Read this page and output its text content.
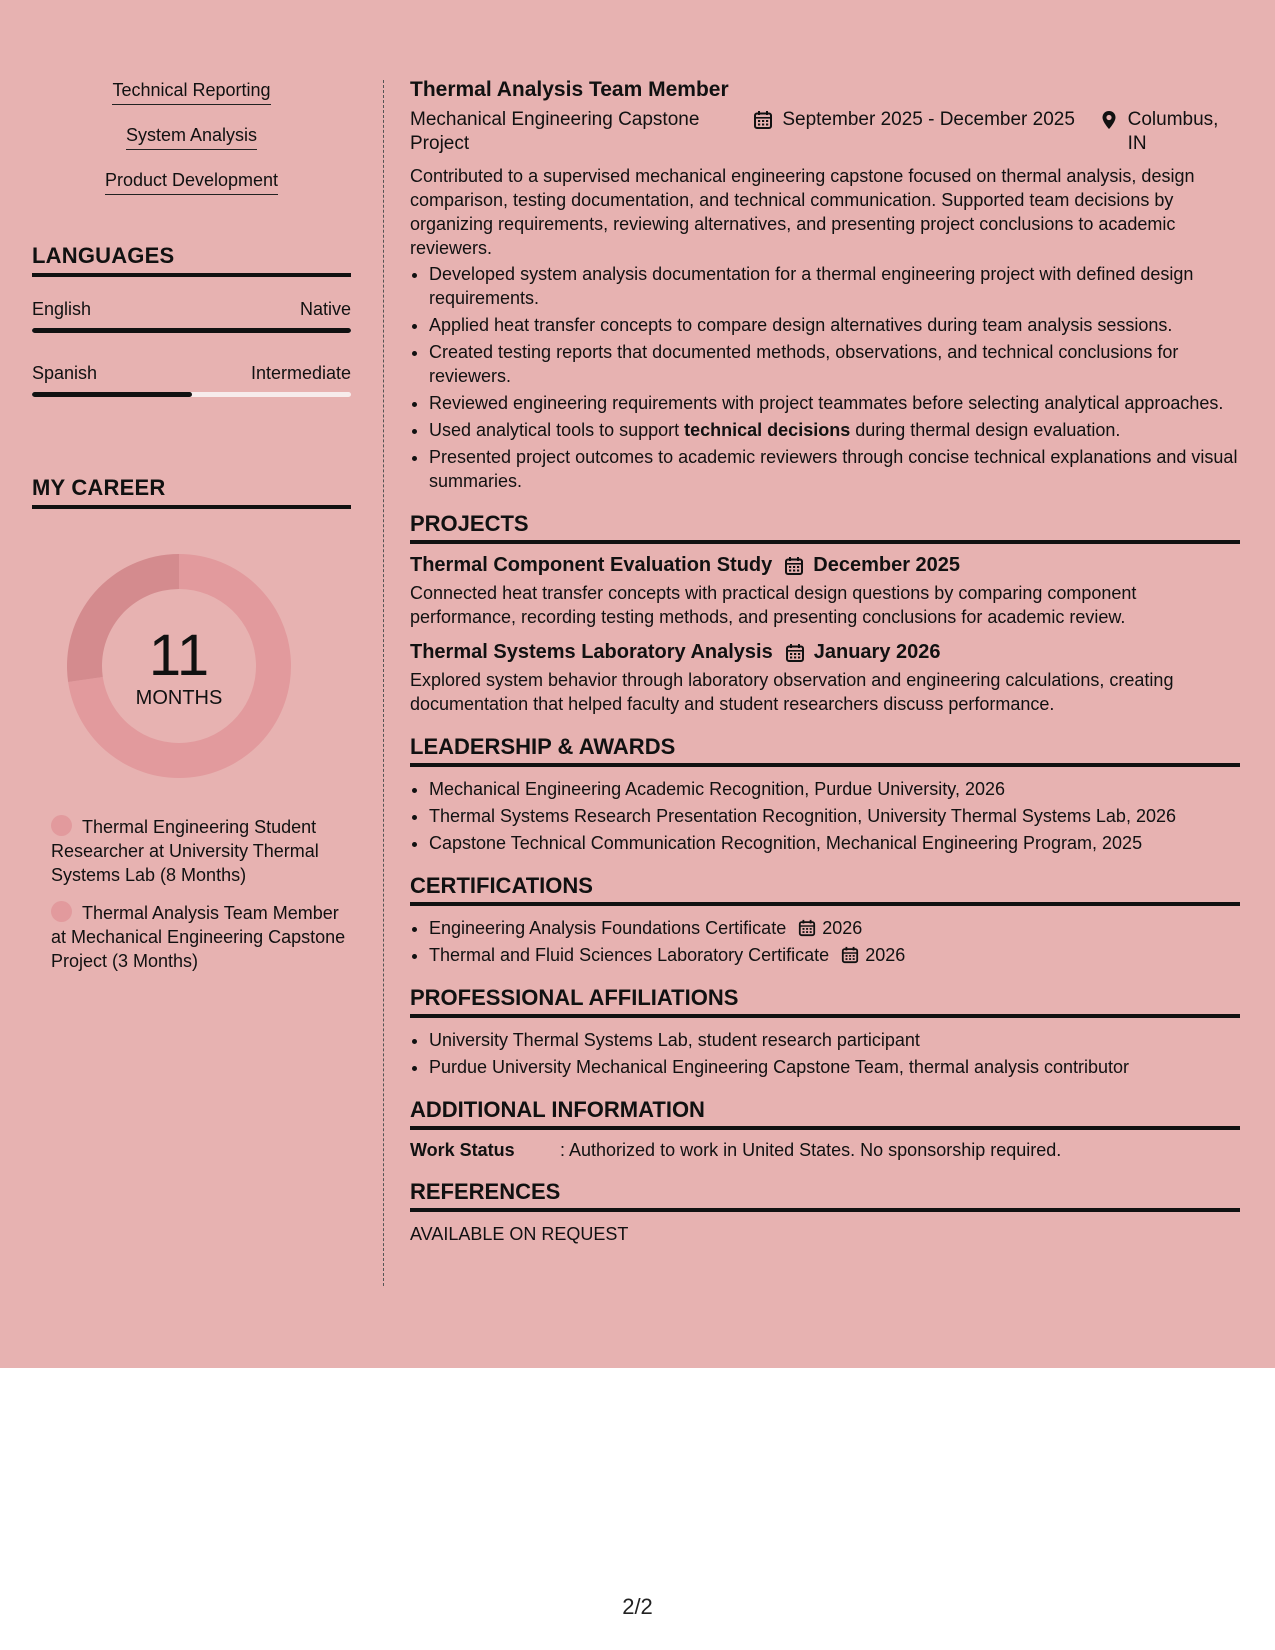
Technical Reporting
System Analysis
Product Development
LANGUAGES
English	Native
Spanish	Intermediate
MY CAREER
11
MONTHS
Thermal Engineering Student Researcher at University Thermal Systems Lab (8 Months)
Thermal Analysis Team Member at Mechanical Engineering Capstone Project (3 Months)
Thermal Analysis Team Member
Mechanical Engineering Capstone Project
September 2025 - December 2025	Columbus, IN

Contributed to a supervised mechanical engineering capstone focused on thermal analysis, design comparison, testing documentation, and technical communication. Supported team decisions by organizing requirements, reviewing alternatives, and presenting project conclusions to academic reviewers.

• Developed system analysis documentation for a thermal engineering project with defined design requirements.
• Applied heat transfer concepts to compare design alternatives during team analysis sessions.
• Created testing reports that documented methods, observations, and technical conclusions for reviewers.
• Reviewed engineering requirements with project teammates before selecting analytical approaches.
• Used analytical tools to support technical decisions during thermal design evaluation.
• Presented project outcomes to academic reviewers through concise technical explanations and visual summaries.
PROJECTS
Thermal Component Evaluation Study December 2025

Connected heat transfer concepts with practical design questions by comparing component performance, recording testing methods, and presenting conclusions for academic review.

Thermal Systems Laboratory Analysis January 2026

Explored system behavior through laboratory observation and engineering calculations, creating documentation that helped faculty and student researchers discuss performance.

LEADERSHIP & AWARDS
• Mechanical Engineering Academic Recognition, Purdue University, 2026
• Thermal Systems Research Presentation Recognition, University Thermal Systems Lab, 2026
• Capstone Technical Communication Recognition, Mechanical Engineering Program, 2025
CERTIFICATIONS
• Engineering Analysis Foundations Certificate 2026
• Thermal and Fluid Sciences Laboratory Certificate 2026
PROFESSIONAL AFFILIATIONS
• University Thermal Systems Lab, student research participant
• Purdue University Mechanical Engineering Capstone Team, thermal analysis contributor
ADDITIONAL INFORMATION
Work Status	: Authorized to work in United States. No sponsorship required.
REFERENCES
AVAILABLE ON REQUEST
2/2
